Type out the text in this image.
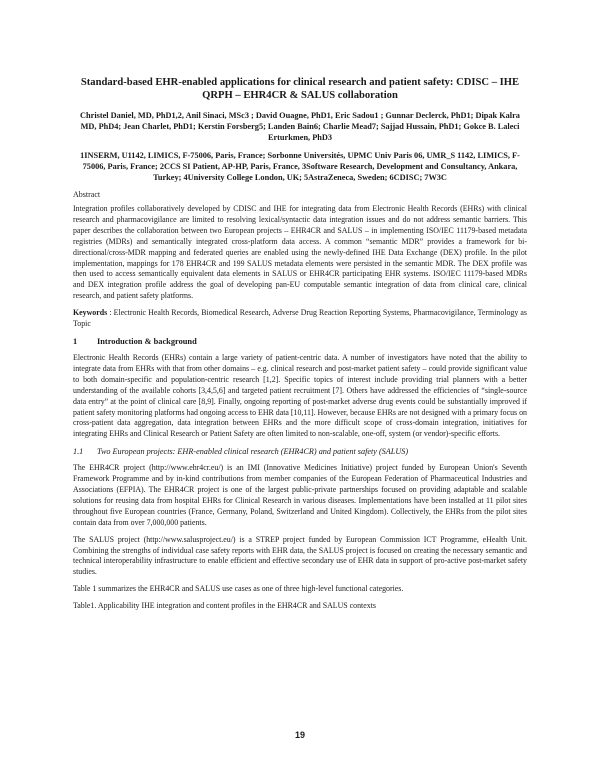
Standard-based EHR-enabled applications for clinical research and patient safety: CDISC – IHE QRPH – EHR4CR & SALUS collaboration
Christel Daniel, MD, PhD1,2, Anil Sinaci, MSc3 ; David Ouagne, PhD1, Eric Sadou1 ; Gunnar Declerck, PhD1; Dipak Kalra MD, PhD4; Jean Charlet, PhD1; Kerstin Forsberg5; Landen Bain6; Charlie Mead7; Sajjad Hussain, PhD1; Gokce B. Laleci Erturkmen, PhD3
1INSERM, U1142, LIMICS, F-75006, Paris, France; Sorbonne Universités, UPMC Univ Paris 06, UMR_S 1142, LIMICS, F-75006, Paris, France; 2CCS SI Patient, AP-HP, Paris, France, 3Software Research, Development and Consultancy, Ankara, Turkey; 4University College London, UK; 5AstraZeneca, Sweden; 6CDISC; 7W3C
Abstract

Integration profiles collaboratively developed by CDISC and IHE for integrating data from Electronic Health Records (EHRs) with clinical research and pharmacovigilance are limited to resolving lexical/syntactic data integration issues and do not address semantic barriers. This paper describes the collaboration between two European projects – EHR4CR and SALUS – in implementing ISO/IEC 11179-based metadata registries (MDRs) and semantically integrated cross-platform data access. A common “semantic MDR” provides a framework for bi-directional/cross-MDR mapping and federated queries are enabled using the newly-defined IHE Data Exchange (DEX) profile. In the pilot implementation, mappings for 178 EHR4CR and 199 SALUS metadata elements were persisted in the semantic MDR. The DEX profile was then used to access semantically equivalent data elements in SALUS or EHR4CR participating EHR systems. ISO/IEC 11179-based MDRs and DEX integration profile address the goal of developing pan-EU computable semantic integration of data from clinical care, clinical research, and patient safety platforms.

Keywords : Electronic Health Records, Biomedical Research, Adverse Drug Reaction Reporting Systems, Pharmacovigilance, Terminology as Topic

1	Introduction & background

Electronic Health Records (EHRs) contain a large variety of patient-centric data. A number of investigators have noted that the ability to integrate data from EHRs with that from other domains – e.g. clinical research and post-market patient safety – could provide significant value to both domain-specific and population-centric research [1,2]. Specific topics of interest include providing trial planners with a better understanding of the available cohorts [3,4,5,6] and targeted patient recruitment [7]. Others have addressed the efficiencies of “single-source data entry” at the point of clinical care [8,9]. Finally, ongoing reporting of post-market adverse drug events could be substantially improved if patient safety monitoring platforms had ongoing access to EHR data [10,11]. However, because EHRs are not designed with a primary focus on cross-patient data aggregation, data integration between EHRs and the more difficult scope of cross-domain integration, initiatives for integrating EHRs and Clinical Research or Patient Safety are often limited to non-scalable, one-off, system (or vendor)-specific efforts.

1.1	Two European projects: EHR-enabled clinical research (EHR4CR) and patient safety (SALUS)

The EHR4CR project (http://www.ehr4cr.eu/) is an IMI (Innovative Medicines Initiative) project funded by European Union's Seventh Framework Programme and by in-kind contributions from member companies of the European Federation of Pharmaceutical Industries and Associations (EFPIA). The EHR4CR project is one of the largest public-private partnerships focused on providing adaptable and scalable solutions for reusing data from hospital EHRs for Clinical Research in various diseases. Implementations have been installed at 11 pilot sites throughout five European countries (France, Germany, Poland, Switzerland and United Kingdom). Collectively, the EHRs from the pilot sites contain data from over 7,000,000 patients.

The SALUS project (http://www.salusproject.eu/) is a STREP project funded by European Commission ICT Programme, eHealth Unit. Combining the strengths of individual case safety reports with EHR data, the SALUS project is focused on creating the necessary semantic and technical interoperability infrastructure to enable efficient and effective secondary use of EHR data in support of pro-active post-market safety studies.

Table 1 summarizes the EHR4CR and SALUS use cases as one of three high-level functional categories.

Table1. Applicability IHE integration and content profiles in the EHR4CR and SALUS contexts

19
